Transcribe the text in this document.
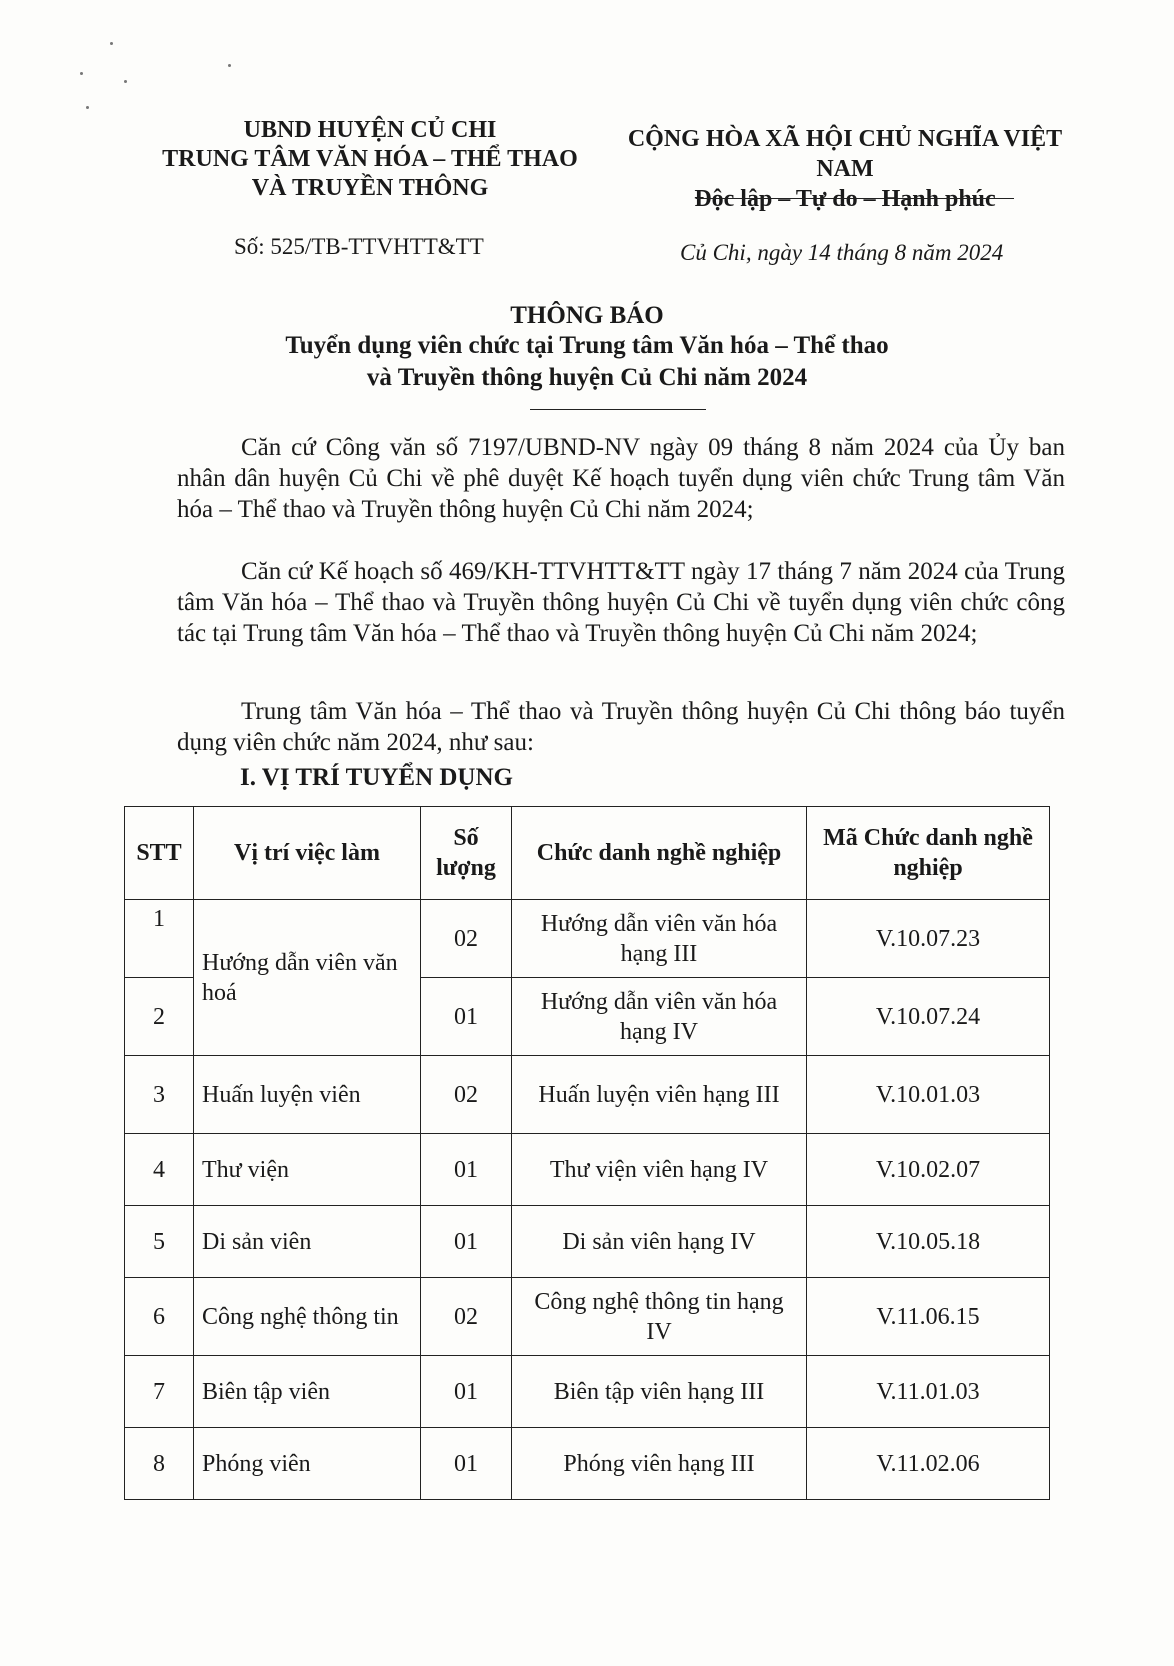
UBND HUYỆN CỦ CHI
TRUNG TÂM VĂN HÓA – THỂ THAO
VÀ TRUYỀN THÔNG
CỘNG HÒA XÃ HỘI CHỦ NGHĨA VIỆT NAM
Độc lập – Tự do – Hạnh phúc
Số: 525/TB-TTVHTT&TT	Củ Chi, ngày 14 tháng 8 năm 2024
THÔNG BÁO
Tuyển dụng viên chức tại Trung tâm Văn hóa – Thể thao
và Truyền thông huyện Củ Chi năm 2024
Căn cứ Công văn số 7197/UBND-NV ngày 09 tháng 8 năm 2024 của Ủy ban nhân dân huyện Củ Chi về phê duyệt Kế hoạch tuyển dụng viên chức Trung tâm Văn hóa – Thể thao và Truyền thông huyện Củ Chi năm 2024;
Căn cứ Kế hoạch số 469/KH-TTVHTT&TT ngày 17 tháng 7 năm 2024 của Trung tâm Văn hóa – Thể thao và Truyền thông huyện Củ Chi về tuyển dụng viên chức công tác tại Trung tâm Văn hóa – Thể thao và Truyền thông huyện Củ Chi năm 2024;
Trung tâm Văn hóa – Thể thao và Truyền thông huyện Củ Chi thông báo tuyển dụng viên chức năm 2024, như sau:
I. VỊ TRÍ TUYỂN DỤNG
STT	Vị trí việc làm	Số lượng	Chức danh nghề nghiệp	Mã Chức danh nghề nghiệp
1	Hướng dẫn viên văn hoá	02	Hướng dẫn viên văn hóa hạng III	V.10.07.23
2		01	Hướng dẫn viên văn hóa hạng IV	V.10.07.24
3	Huấn luyện viên	02	Huấn luyện viên hạng III	V.10.01.03
4	Thư viện	01	Thư viện viên hạng IV	V.10.02.07
5	Di sản viên	01	Di sản viên hạng IV	V.10.05.18
6	Công nghệ thông tin	02	Công nghệ thông tin hạng IV	V.11.06.15
7	Biên tập viên	01	Biên tập viên hạng III	V.11.01.03
8	Phóng viên	01	Phóng viên hạng III	V.11.02.06
